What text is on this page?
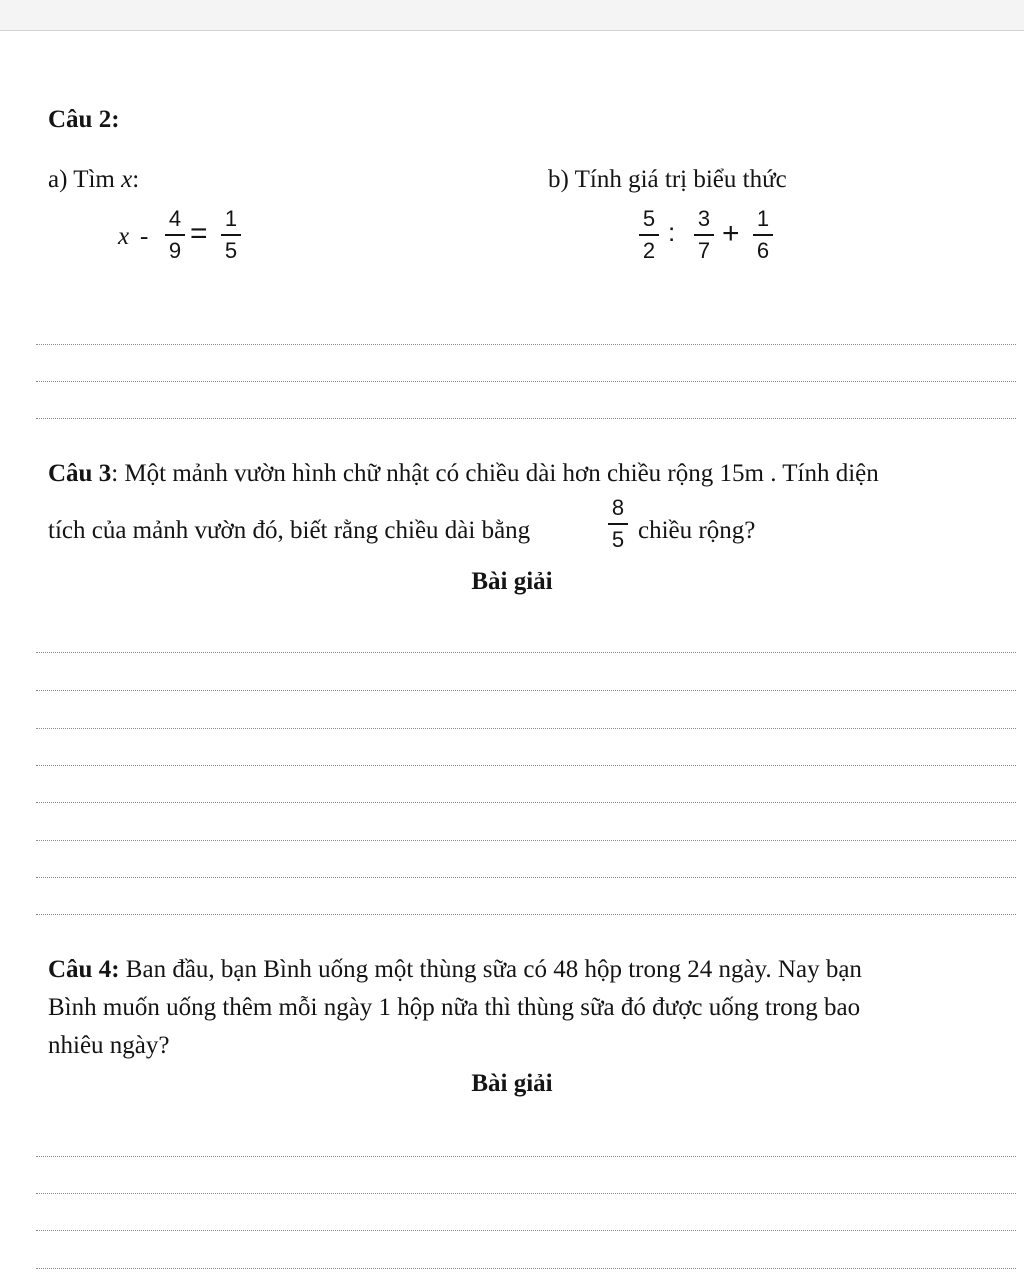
Câu 2:
a) Tìm x:	b) Tính giá trị biểu thức
x -
4
9
= 1
5
5
2
:	3
7
+ 1
6
Câu 3: Một mảnh vườn hình chữ nhật có chiều dài hơn chiều rộng 15m . Tính diện
tích của mảnh vườn đó, biết rằng chiều dài bằng
8
5 chiều rộng?
Bài giải
Câu 4: Ban đầu, bạn Bình uống một thùng sữa có 48 hộp trong 24 ngày. Nay bạn
Bình muốn uống thêm mỗi ngày 1 hộp nữa thì thùng sữa đó được uống trong bao
nhiêu ngày?
Bài giải
